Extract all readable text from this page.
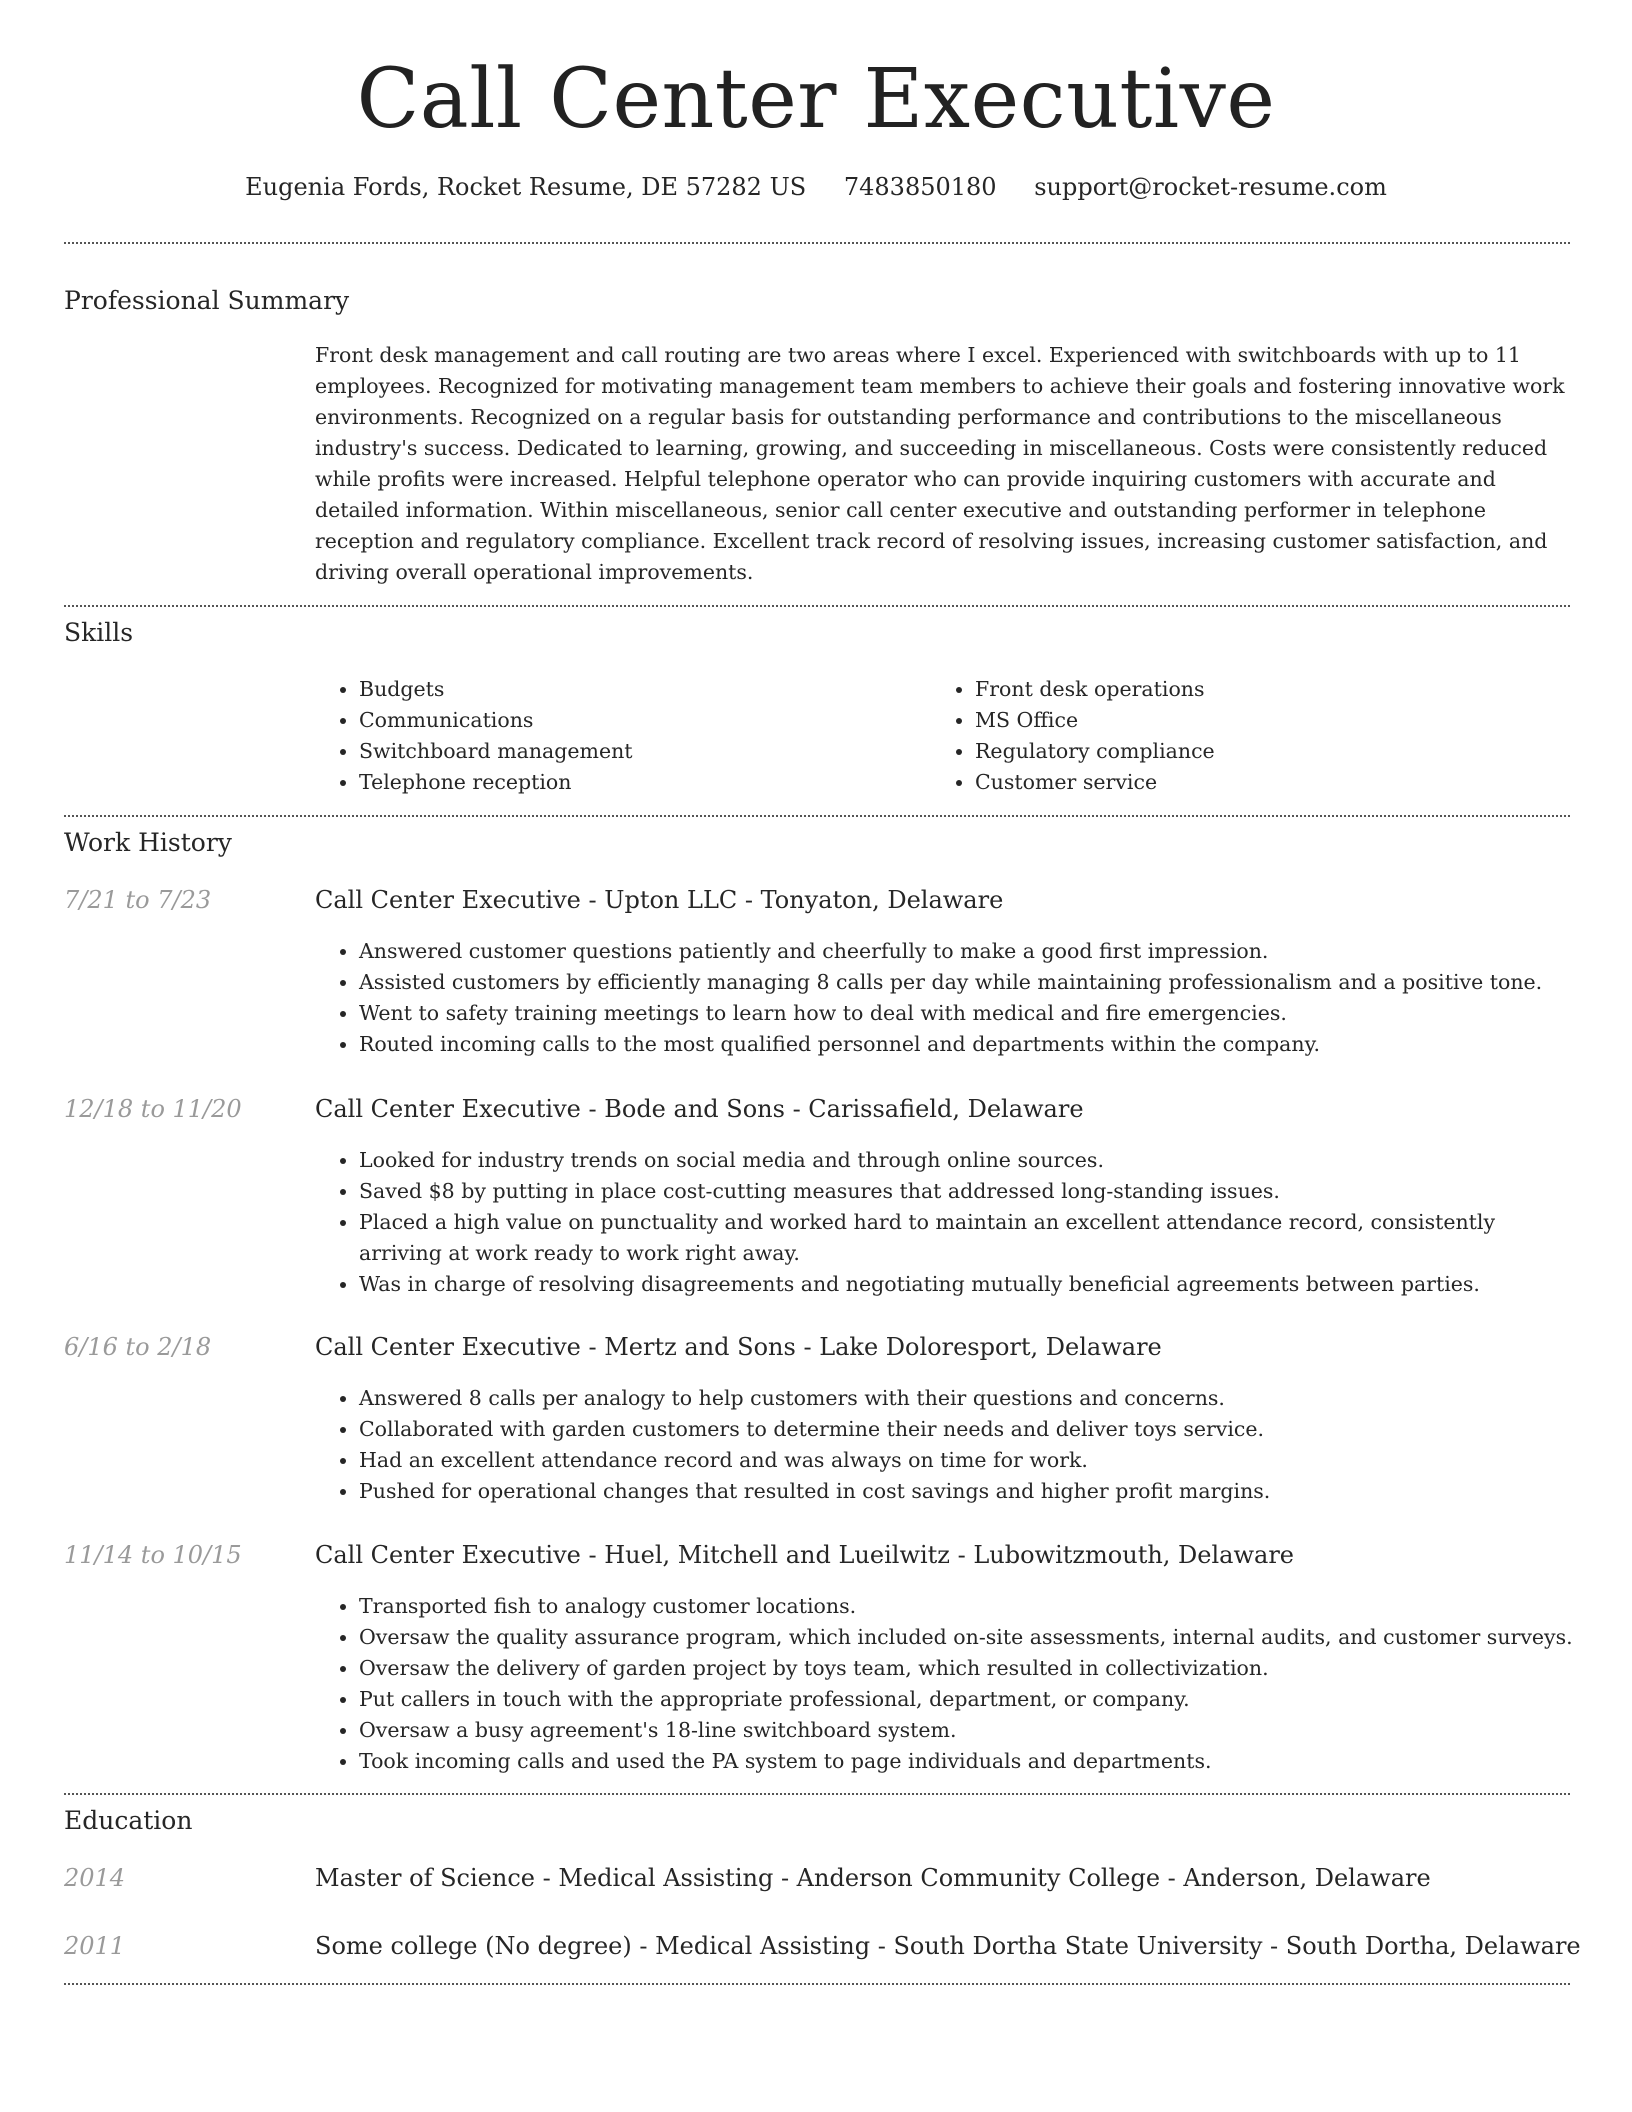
Call Center Executive
Eugenia Fords, Rocket Resume, DE 57282 US 7483850180 support@rocket-resume.com
Professional Summary
Front desk management and call routing are two areas where I excel. Experienced with switchboards with up to 11 employees. Recognized for motivating management team members to achieve their goals and fostering innovative work environments. Recognized on a regular basis for outstanding performance and contributions to the miscellaneous industry's success. Dedicated to learning, growing, and succeeding in miscellaneous. Costs were consistently reduced while profits were increased. Helpful telephone operator who can provide inquiring customers with accurate and detailed information. Within miscellaneous, senior call center executive and outstanding performer in telephone reception and regulatory compliance. Excellent track record of resolving issues, increasing customer satisfaction, and driving overall operational improvements.
Skills
• Budgets
• Communications
• Switchboard management
• Telephone reception
• Front desk operations
• MS Office
• Regulatory compliance
• Customer service
Work History
7/21 to 7/23	Call Center Executive - Upton LLC - Tonyaton, Delaware
• Answered customer questions patiently and cheerfully to make a good first impression.
• Assisted customers by efficiently managing 8 calls per day while maintaining professionalism and a positive tone.
• Went to safety training meetings to learn how to deal with medical and fire emergencies.
• Routed incoming calls to the most qualified personnel and departments within the company.
12/18 to 11/20	Call Center Executive - Bode and Sons - Carissafield, Delaware
• Looked for industry trends on social media and through online sources.
• Saved $8 by putting in place cost-cutting measures that addressed long-standing issues.
• Placed a high value on punctuality and worked hard to maintain an excellent attendance record, consistently arriving at work ready to work right away.
• Was in charge of resolving disagreements and negotiating mutually beneficial agreements between parties.
6/16 to 2/18	Call Center Executive - Mertz and Sons - Lake Doloresport, Delaware
• Answered 8 calls per analogy to help customers with their questions and concerns.
• Collaborated with garden customers to determine their needs and deliver toys service.
• Had an excellent attendance record and was always on time for work.
• Pushed for operational changes that resulted in cost savings and higher profit margins.
11/14 to 10/15	Call Center Executive - Huel, Mitchell and Lueilwitz - Lubowitzmouth, Delaware
• Transported fish to analogy customer locations.
• Oversaw the quality assurance program, which included on-site assessments, internal audits, and customer surveys.
• Oversaw the delivery of garden project by toys team, which resulted in collectivization.
• Put callers in touch with the appropriate professional, department, or company.
• Oversaw a busy agreement's 18-line switchboard system.
• Took incoming calls and used the PA system to page individuals and departments.
Education
2014	Master of Science - Medical Assisting - Anderson Community College - Anderson, Delaware
2011	Some college (No degree) - Medical Assisting - South Dortha State University - South Dortha, Delaware
